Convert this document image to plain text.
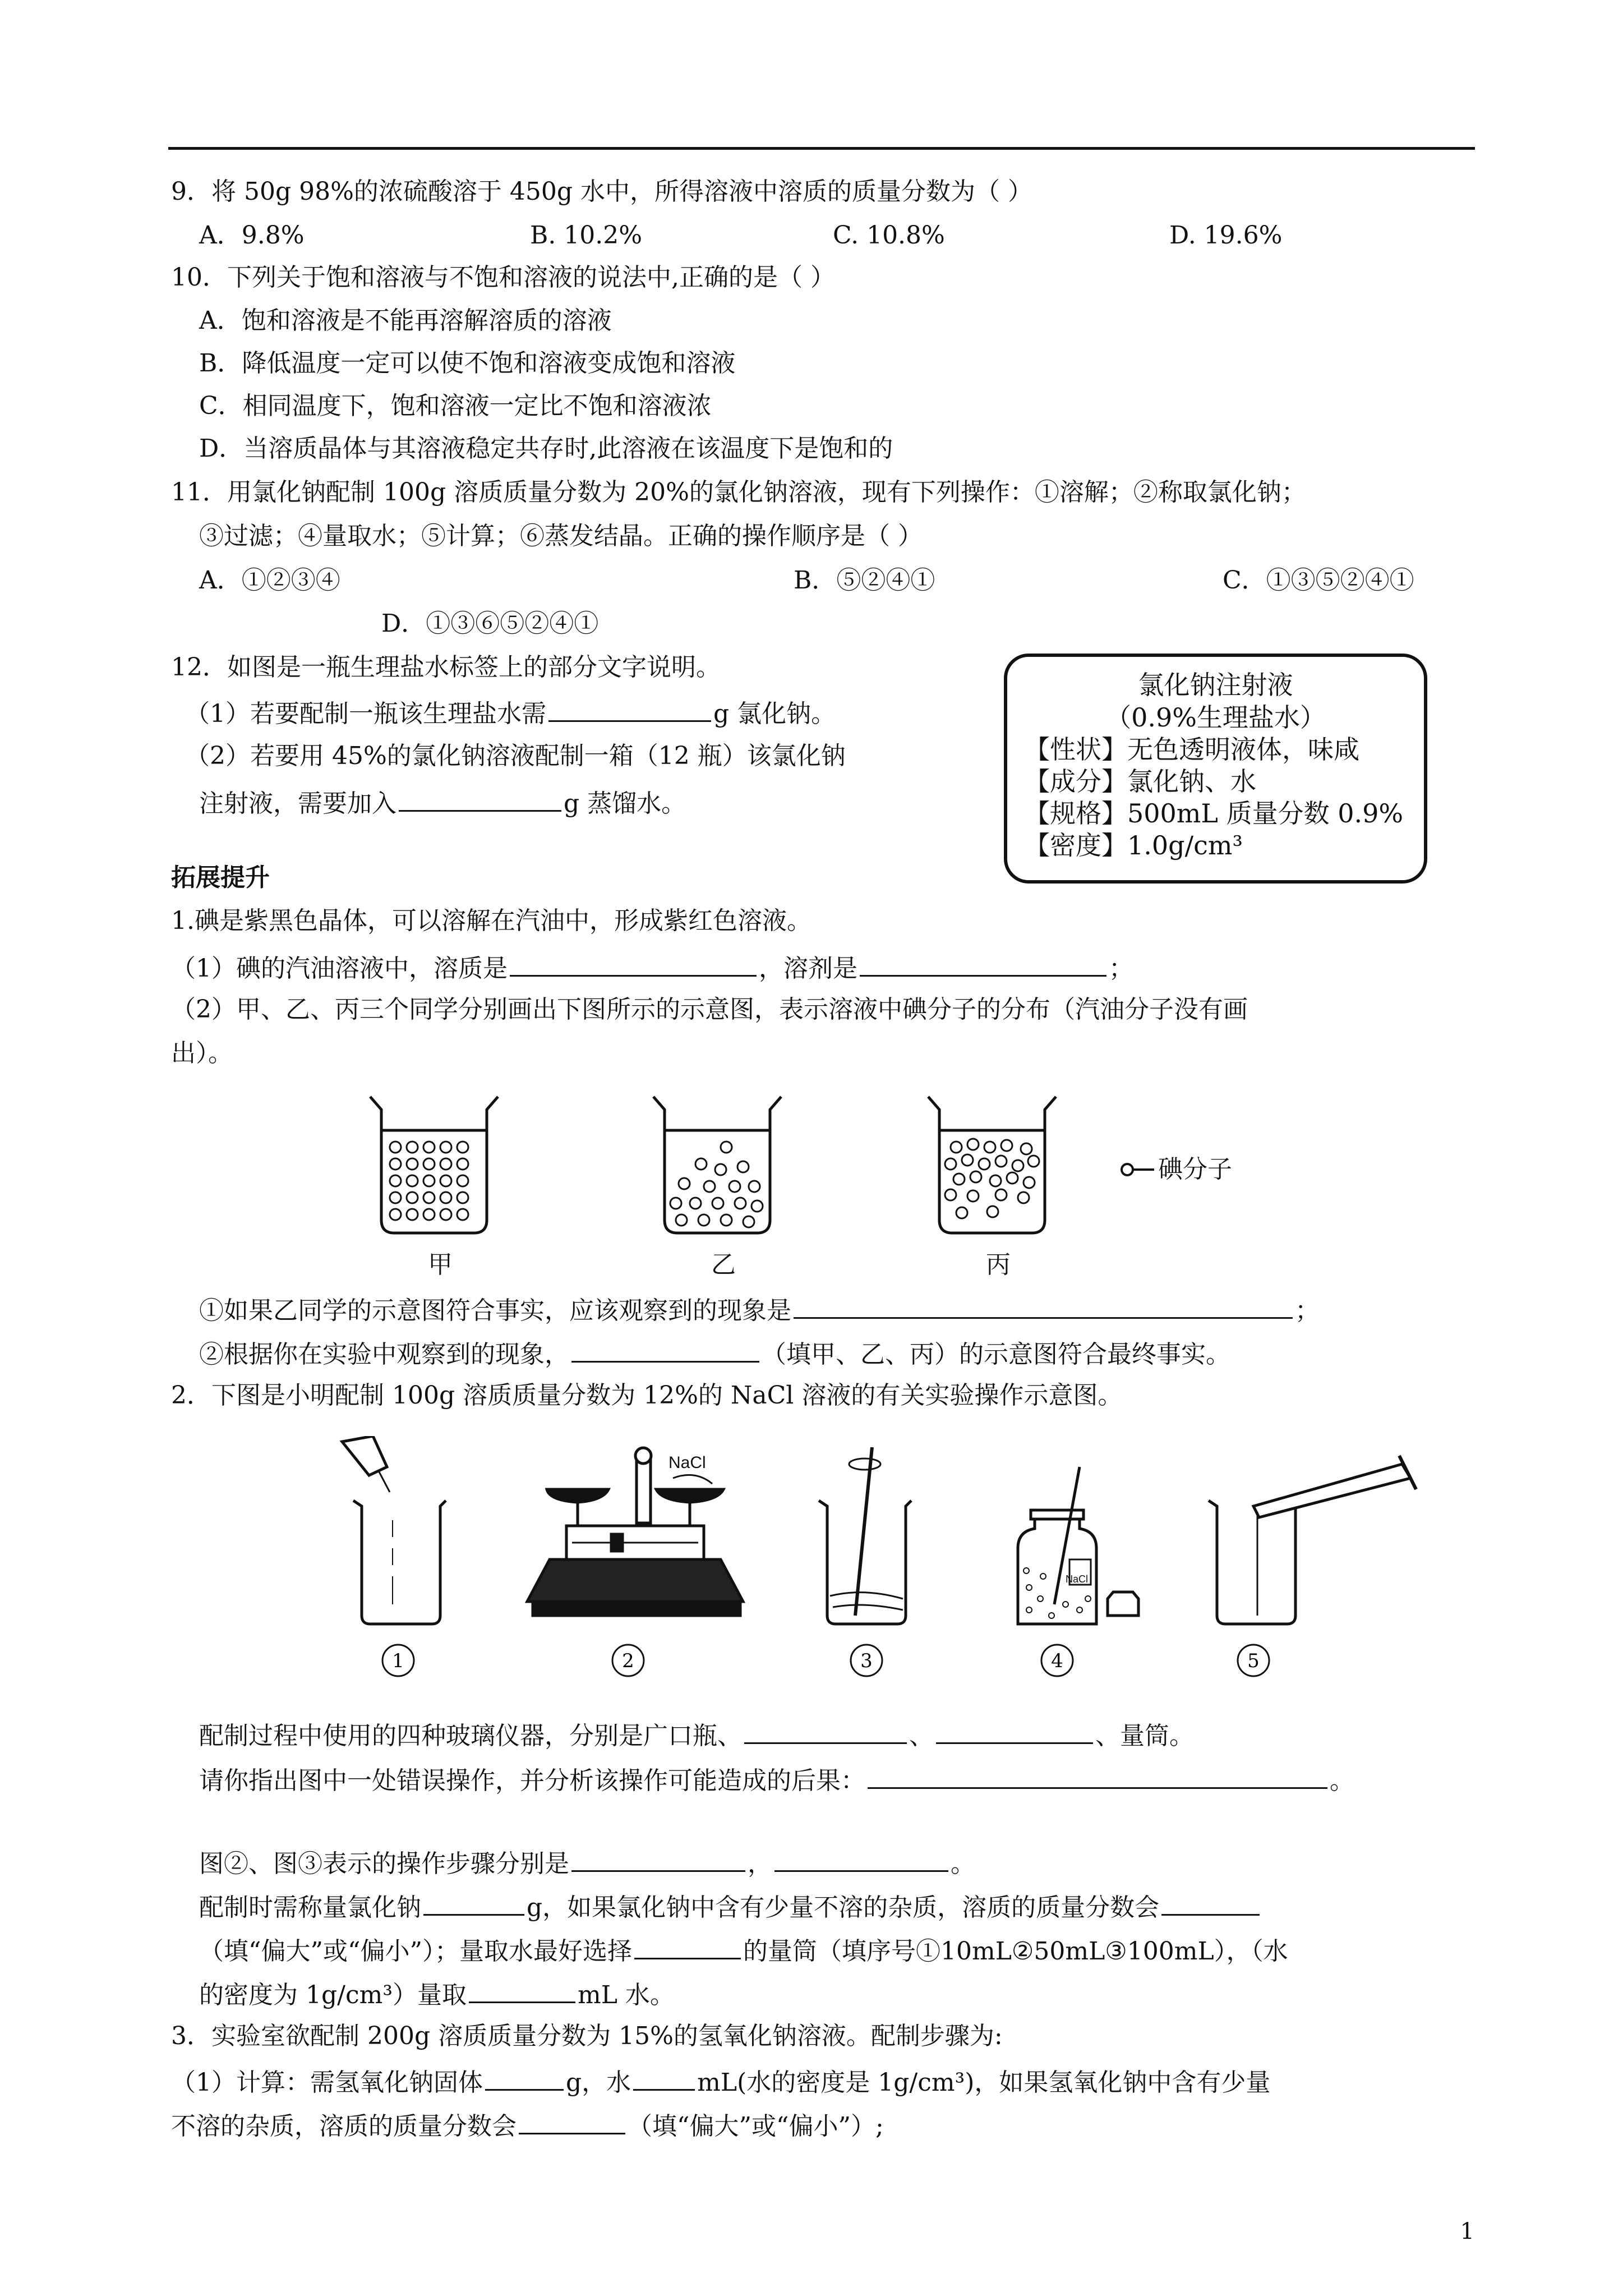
9．将 50g 98%的浓硫酸溶于 450g 水中，所得溶液中溶质的质量分数为（ ）
A．9.8%	B. 10.2%	C. 10.8%	D. 19.6%
10．下列关于饱和溶液与不饱和溶液的说法中,正确的是（ ）
A．饱和溶液是不能再溶解溶质的溶液
B．降低温度一定可以使不饱和溶液变成饱和溶液
C．相同温度下，饱和溶液一定比不饱和溶液浓
D．当溶质晶体与其溶液稳定共存时,此溶液在该温度下是饱和的
11．用氯化钠配制 100g 溶质质量分数为 20%的氯化钠溶液，现有下列操作：①溶解；②称取氯化钠；
③过滤；④量取水；⑤计算；⑥蒸发结晶。正确的操作顺序是（ ）
A．①②③④	B．⑤②④①	C．①③⑤②④①
D．①③⑥⑤②④①
12．如图是一瓶生理盐水标签上的部分文字说明。
（1）若要配制一瓶该生理盐水需	g 氯化钠。
（2）若要用 45%的氯化钠溶液配制一箱（12 瓶）该氯化钠
注射液，需要加入	g 蒸馏水。
氯化钠注射液
（0.9%生理盐水）
【性状】无色透明液体，味咸
【成分】氯化钠、水
【规格】500mL 质量分数 0.9%
【密度】1.0g/cm³
拓展提升
1.碘是紫黑色晶体，可以溶解在汽油中，形成紫红色溶液。
（1）碘的汽油溶液中，溶质是	，溶剂是	；
（2）甲、乙、丙三个同学分别画出下图所示的示意图，表示溶液中碘分子的分布（汽油分子没有画
出）。
碘分子
甲	乙	丙
①如果乙同学的示意图符合事实，应该观察到的现象是	；
②根据你在实验中观察到的现象，	（填甲、乙、丙）的示意图符合最终事实。
2．下图是小明配制 100g 溶质质量分数为 12%的 NaCl 溶液的有关实验操作示意图。
1	2	3	4	5
NaCl
NaCl
配制过程中使用的四种玻璃仪器，分别是广口瓶、	、	、量筒。
请你指出图中一处错误操作，并分析该操作可能造成的后果：	。
图②、图③表示的操作步骤分别是	，	。
配制时需称量氯化钠	g，如果氯化钠中含有少量不溶的杂质，溶质的质量分数会
（填“偏大”或“偏小”）；量取水最好选择	的量筒（填序号①10mL②50mL③100mL），（水
的密度为 1g/cm³）量取	mL 水。
3．实验室欲配制 200g 溶质质量分数为 15%的氢氧化钠溶液。配制步骤为:
（1）计算：需氢氧化钠固体	g，水	mL(水的密度是 1g/cm³)，如果氢氧化钠中含有少量
不溶的杂质，溶质的质量分数会	（填“偏大”或“偏小”）;
1
